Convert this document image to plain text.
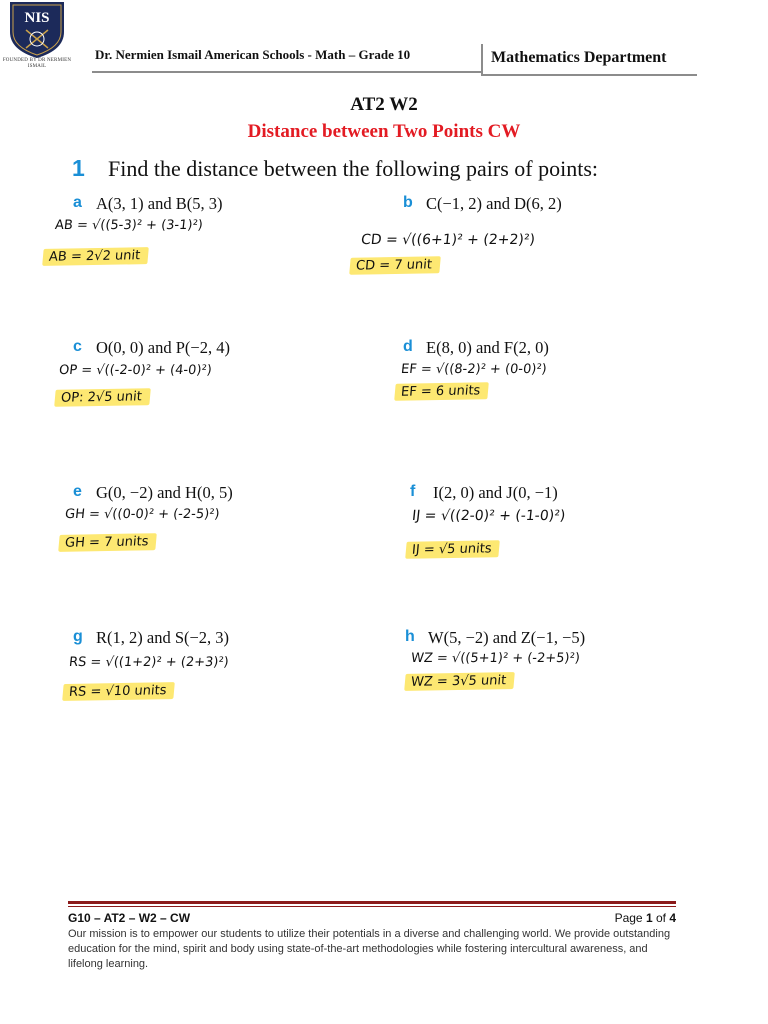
NIS
FOUNDED BY DR NERMIEN ISMAIL
Dr. Nermien Ismail American Schools - Math – Grade 10	Mathematics Department
AT2 W2
Distance between Two Points CW
1 Find the distance between the following pairs of points:
a A(3, 1) and B(5, 3)
AB = √((5-3)² + (3-1)²)
AB = 2√2 unit
b C(−1, 2) and D(6, 2)
CD = √((6+1)² + (2+2)²)
CD = 7 unit
c O(0, 0) and P(−2, 4)
OP = √((-2-0)² + (4-0)²)
OP: 2√5 unit
d E(8, 0) and F(2, 0)
EF = √((8-2)² + (0-0)²)
EF = 6 units
e G(0, −2) and H(0, 5)
GH = √((0-0)² + (-2-5)²)
GH = 7 units
f I(2, 0) and J(0, −1)
IJ = √((2-0)² + (-1-0)²)
IJ = √5 units
g R(1, 2) and S(−2, 3)
RS = √((1+2)² + (2+3)²)
RS = √10 units
h W(5, −2) and Z(−1, −5)
WZ = √((5+1)² + (-2+5)²)
WZ = 3√5 unit
G10 – AT2 – W2 – CW	Page 1 of 4
Our mission is to empower our students to utilize their potentials in a diverse and challenging world. We provide outstanding education for the mind, spirit and body using state-of-the-art methodologies while fostering intercultural awareness, and lifelong learning.
